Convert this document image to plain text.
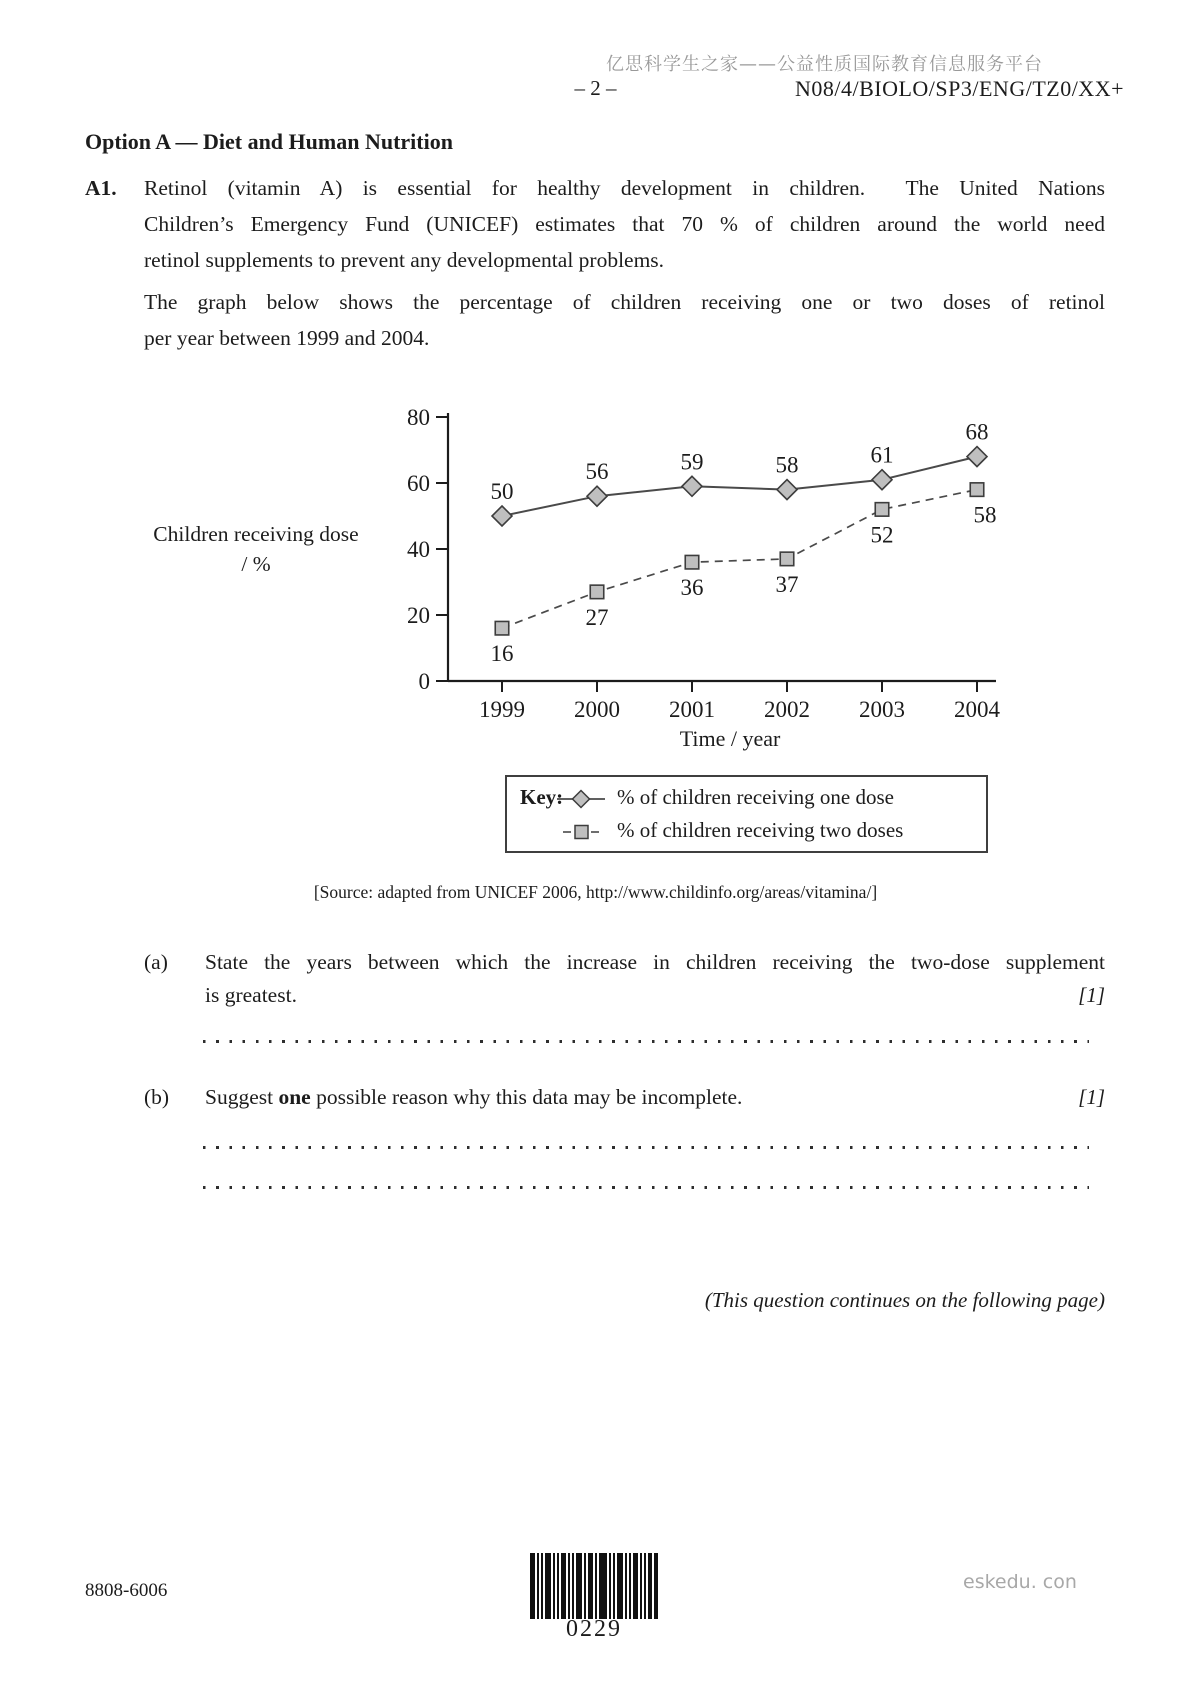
亿思科学生之家——公益性质国际教育信息服务平台
– 2 –	N08/4/BIOLO/SP3/ENG/TZ0/XX+
Option A — Diet and Human Nutrition
A1. Retinol (vitamin A) is essential for healthy development in children.  The United Nations
Children’s Emergency Fund (UNICEF) estimates that 70 % of children around the world need
retinol supplements to prevent any developmental problems.
The graph below shows the percentage of children receiving one or two doses of retinol
per year between 1999 and 2004.
0
20
40
60
80
1999 2000 2001 2002 2003 2004
Children receiving dose
/ %
Time / year
50
56	59	58	61
68
16
27
36	37
52
58
Key:	% of children receiving one dose
% of children receiving two doses
[Source: adapted from UNICEF 2006, http://www.childinfo.org/areas/vitamina/]
(a) State the years between which the increase in children receiving the two-dose supplement
is greatest.	[1]
(b) Suggest one possible reason why this data may be incomplete.	[1]
(This question continues on the following page)
8808-6006
0229
eskedu. con
